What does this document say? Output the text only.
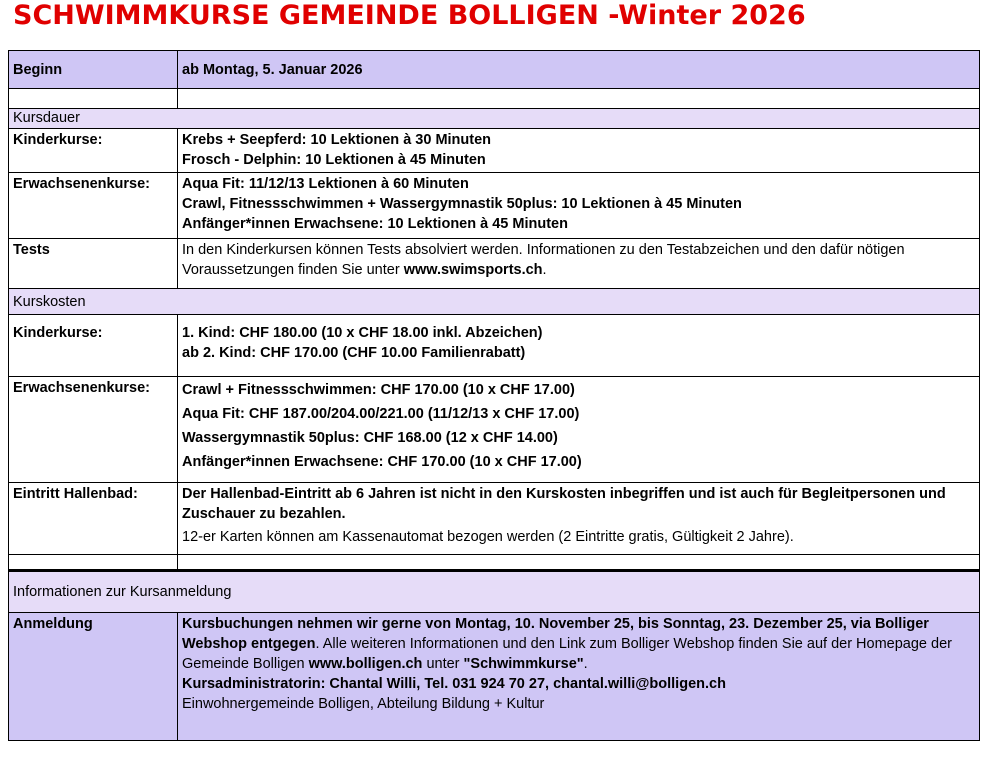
SCHWIMMKURSE GEMEINDE BOLLIGEN -Winter 2026
Beginn	ab Montag, 5. Januar 2026

Kursdauer	
Kinderkurse:	Krebs + Seepferd: 10 Lektionen à 30 Minuten
Frosch - Delphin: 10 Lektionen à 45 Minuten

Erwachsenenkurse:	Aqua Fit: 11/12/13 Lektionen à 60 Minuten
Crawl, Fitnessschwimmen + Wassergymnastik 50plus: 10 Lektionen à 45 Minuten
Anfänger*innen Erwachsene: 10 Lektionen à 45 Minuten

Tests	In den Kinderkursen können Tests absolviert werden. Informationen zu den Testabzeichen und den dafür nötigen Voraussetzungen finden Sie unter www.swimsports.ch.
Kurskosten	
Kinderkurse:	1. Kind: CHF 180.00 (10 x CHF 18.00 inkl. Abzeichen)
ab 2. Kind: CHF 170.00 (CHF 10.00 Familienrabatt)

Erwachsenenkurse:	Crawl + Fitnessschwimmen: CHF 170.00 (10 x CHF 17.00)
Aqua Fit: CHF 187.00/204.00/221.00 (11/12/13 x CHF 17.00)
Wassergymnastik 50plus: CHF 168.00 (12 x CHF 14.00)
Anfänger*innen Erwachsene: CHF 170.00 (10 x CHF 17.00)

Eintritt Hallenbad:	Der Hallenbad-Eintritt ab 6 Jahren ist nicht in den Kurskosten inbegriffen und ist auch für Begleitpersonen und Zuschauer zu bezahlen.
12-er Karten können am Kassenautomat bezogen werden (2 Eintritte gratis, Gültigkeit 2 Jahre).

Informationen zur Kursanmeldung	
Anmeldung	Kursbuchungen nehmen wir gerne von Montag, 10. November 25, bis Sonntag, 23. Dezember 25, via Bolliger Webshop entgegen. Alle weiteren Informationen und den Link zum Bolliger Webshop finden Sie auf der Homepage der Gemeinde Bolligen www.bolligen.ch unter "Schwimmkurse".
Kursadministratorin: Chantal Willi, Tel. 031 924 70 27, chantal.willi@bolligen.ch
Einwohnergemeinde Bolligen, Abteilung Bildung + Kultur
